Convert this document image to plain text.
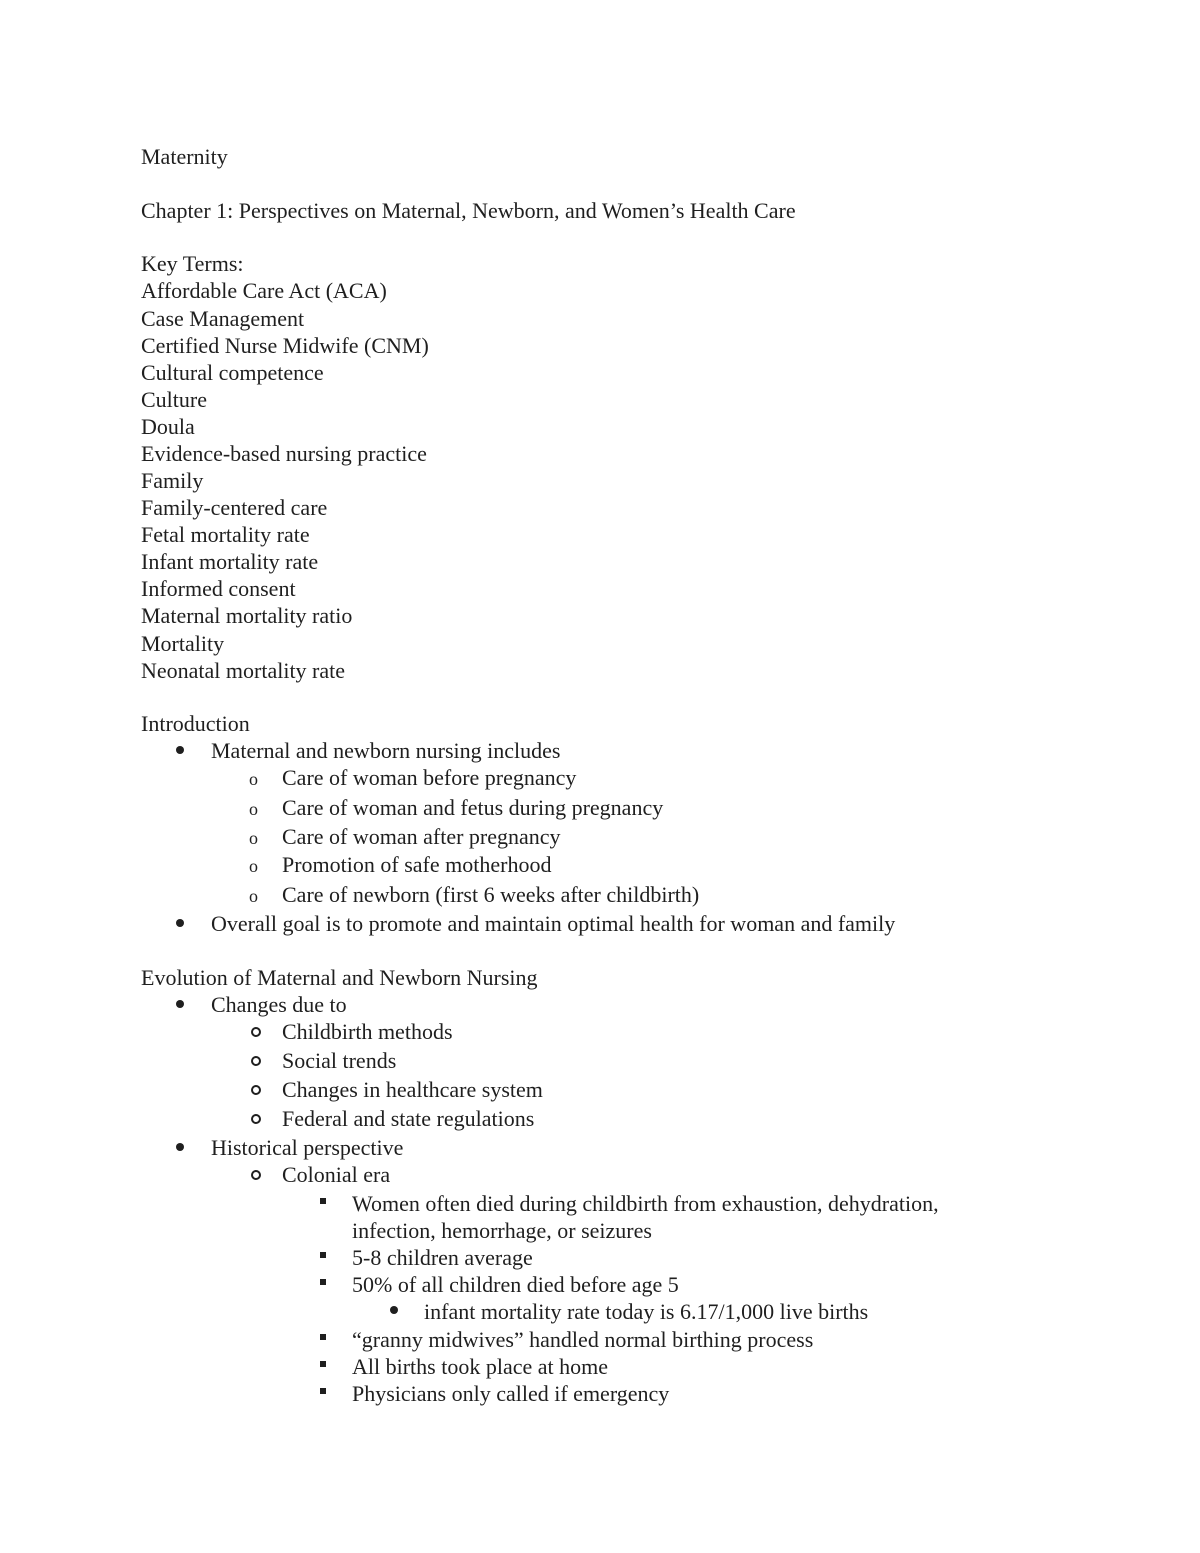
Maternity
Chapter 1: Perspectives on Maternal, Newborn, and Women’s Health Care
Key Terms:
Affordable Care Act (ACA)
Case Management
Certified Nurse Midwife (CNM)
Cultural competence
Culture
Doula
Evidence-based nursing practice
Family
Family-centered care
Fetal mortality rate
Infant mortality rate
Informed consent
Maternal mortality ratio
Mortality
Neonatal mortality rate
Introduction
Maternal and newborn nursing includes
o Care of woman before pregnancy
o Care of woman and fetus during pregnancy
o Care of woman after pregnancy
o Promotion of safe motherhood
o Care of newborn (first 6 weeks after childbirth)
Overall goal is to promote and maintain optimal health for woman and family
Evolution of Maternal and Newborn Nursing
Changes due to
Childbirth methods
Social trends
Changes in healthcare system
Federal and state regulations
Historical perspective
Colonial era
Women often died during childbirth from exhaustion, dehydration,
infection, hemorrhage, or seizures
5-8 children average
50% of all children died before age 5
infant mortality rate today is 6.17/1,000 live births
“granny midwives” handled normal birthing process
All births took place at home
Physicians only called if emergency
